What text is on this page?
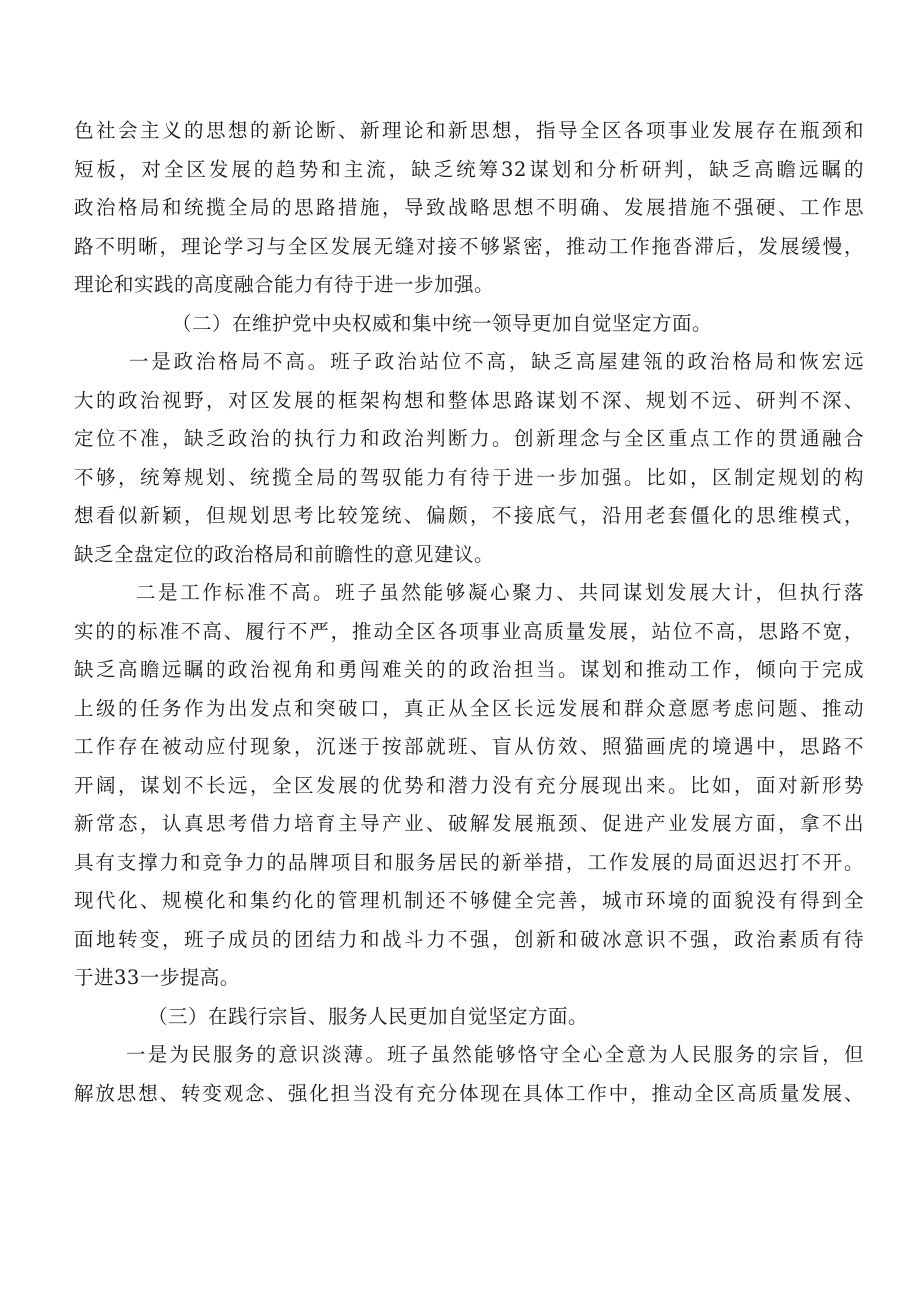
色社会主义的思想的新论断、新理论和新思想，指导全区各项事业发展存在瓶颈和
短板，对全区发展的趋势和主流，缺乏统筹32谋划和分析研判，缺乏高瞻远瞩的
政治格局和统揽全局的思路措施，导致战略思想不明确、发展措施不强硬、工作思
路不明晰，理论学习与全区发展无缝对接不够紧密，推动工作拖沓滞后，发展缓慢，
理论和实践的高度融合能力有待于进一步加强。
（二）在维护党中央权威和集中统一领导更加自觉坚定方面。
一是政治格局不高。班子政治站位不高，缺乏高屋建瓴的政治格局和恢宏远
大的政治视野，对区发展的框架构想和整体思路谋划不深、规划不远、研判不深、
定位不准，缺乏政治的执行力和政治判断力。创新理念与全区重点工作的贯通融合
不够，统筹规划、统揽全局的驾驭能力有待于进一步加强。比如，区制定规划的构
想看似新颖，但规划思考比较笼统、偏颇，不接底气，沿用老套僵化的思维模式，
缺乏全盘定位的政治格局和前瞻性的意见建议。
二是工作标准不高。班子虽然能够凝心聚力、共同谋划发展大计，但执行落
实的的标准不高、履行不严，推动全区各项事业高质量发展，站位不高，思路不宽，
缺乏高瞻远瞩的政治视角和勇闯难关的的政治担当。谋划和推动工作，倾向于完成
上级的任务作为出发点和突破口，真正从全区长远发展和群众意愿考虑问题、推动
工作存在被动应付现象，沉迷于按部就班、盲从仿效、照猫画虎的境遇中，思路不
开阔，谋划不长远，全区发展的优势和潜力没有充分展现出来。比如，面对新形势
新常态，认真思考借力培育主导产业、破解发展瓶颈、促进产业发展方面，拿不出
具有支撑力和竞争力的品牌项目和服务居民的新举措，工作发展的局面迟迟打不开。
现代化、规模化和集约化的管理机制还不够健全完善，城市环境的面貌没有得到全
面地转变，班子成员的团结力和战斗力不强，创新和破冰意识不强，政治素质有待
于进33一步提高。
（三）在践行宗旨、服务人民更加自觉坚定方面。
一是为民服务的意识淡薄。班子虽然能够恪守全心全意为人民服务的宗旨，但
解放思想、转变观念、强化担当没有充分体现在具体工作中，推动全区高质量发展、
